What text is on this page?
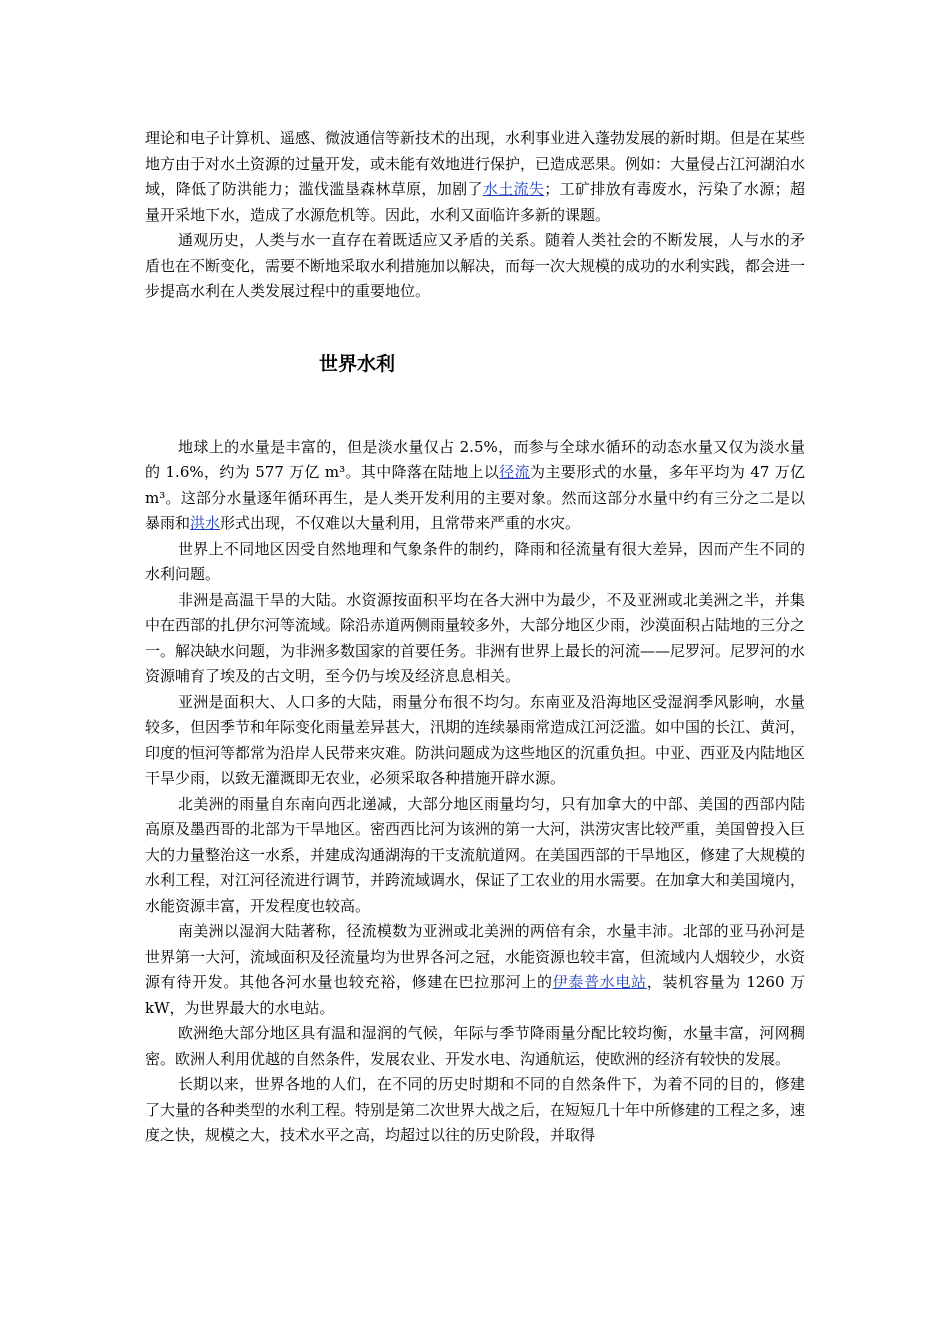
理论和电子计算机、遥感、微波通信等新技术的出现，水利事业进入蓬勃发展的新时期。但是在某些地方由于对水土资源的过量开发，或未能有效地进行保护，已造成恶果。例如：大量侵占江河湖泊水域，降低了防洪能力；滥伐滥垦森林草原，加剧了水土流失；工矿排放有毒废水，污染了水源；超量开采地下水，造成了水源危机等。因此，水利又面临许多新的课题。

通观历史，人类与水一直存在着既适应又矛盾的关系。随着人类社会的不断发展，人与水的矛盾也在不断变化，需要不断地采取水利措施加以解决，而每一次大规模的成功的水利实践，都会进一步提高水利在人类发展过程中的重要地位。

世界水利

地球上的水量是丰富的，但是淡水量仅占 2.5%，而参与全球水循环的动态水量又仅为淡水量的 1.6%，约为 577 万亿 m³。其中降落在陆地上以径流为主要形式的水量，多年平均为 47 万亿 m³。这部分水量逐年循环再生，是人类开发利用的主要对象。然而这部分水量中约有三分之二是以暴雨和洪水形式出现，不仅难以大量利用，且常带来严重的水灾。

世界上不同地区因受自然地理和气象条件的制约，降雨和径流量有很大差异，因而产生不同的水利问题。

非洲是高温干旱的大陆。水资源按面积平均在各大洲中为最少，不及亚洲或北美洲之半，并集中在西部的扎伊尔河等流域。除沿赤道两侧雨量较多外，大部分地区少雨，沙漠面积占陆地的三分之一。解决缺水问题，为非洲多数国家的首要任务。非洲有世界上最长的河流——尼罗河。尼罗河的水资源哺育了埃及的古文明，至今仍与埃及经济息息相关。

亚洲是面积大、人口多的大陆，雨量分布很不均匀。东南亚及沿海地区受湿润季风影响，水量较多，但因季节和年际变化雨量差异甚大，汛期的连续暴雨常造成江河泛滥。如中国的长江、黄河，印度的恒河等都常为沿岸人民带来灾难。防洪问题成为这些地区的沉重负担。中亚、西亚及内陆地区干旱少雨，以致无灌溉即无农业，必须采取各种措施开辟水源。

北美洲的雨量自东南向西北递减，大部分地区雨量均匀，只有加拿大的中部、美国的西部内陆高原及墨西哥的北部为干旱地区。密西西比河为该洲的第一大河，洪涝灾害比较严重，美国曾投入巨大的力量整治这一水系，并建成沟通湖海的干支流航道网。在美国西部的干旱地区，修建了大规模的水利工程，对江河径流进行调节，并跨流域调水，保证了工农业的用水需要。在加拿大和美国境内，水能资源丰富，开发程度也较高。

南美洲以湿润大陆著称，径流模数为亚洲或北美洲的两倍有余，水量丰沛。北部的亚马孙河是世界第一大河，流域面积及径流量均为世界各河之冠，水能资源也较丰富，但流域内人烟较少，水资源有待开发。其他各河水量也较充裕，修建在巴拉那河上的伊泰普水电站，装机容量为 1260 万 kW，为世界最大的水电站。

欧洲绝大部分地区具有温和湿润的气候，年际与季节降雨量分配比较均衡，水量丰富，河网稠密。欧洲人利用优越的自然条件，发展农业、开发水电、沟通航运，使欧洲的经济有较快的发展。

长期以来，世界各地的人们，在不同的历史时期和不同的自然条件下，为着不同的目的，修建了大量的各种类型的水利工程。特别是第二次世界大战之后，在短短几十年中所修建的工程之多，速度之快，规模之大，技术水平之高，均超过以往的历史阶段，并取得
